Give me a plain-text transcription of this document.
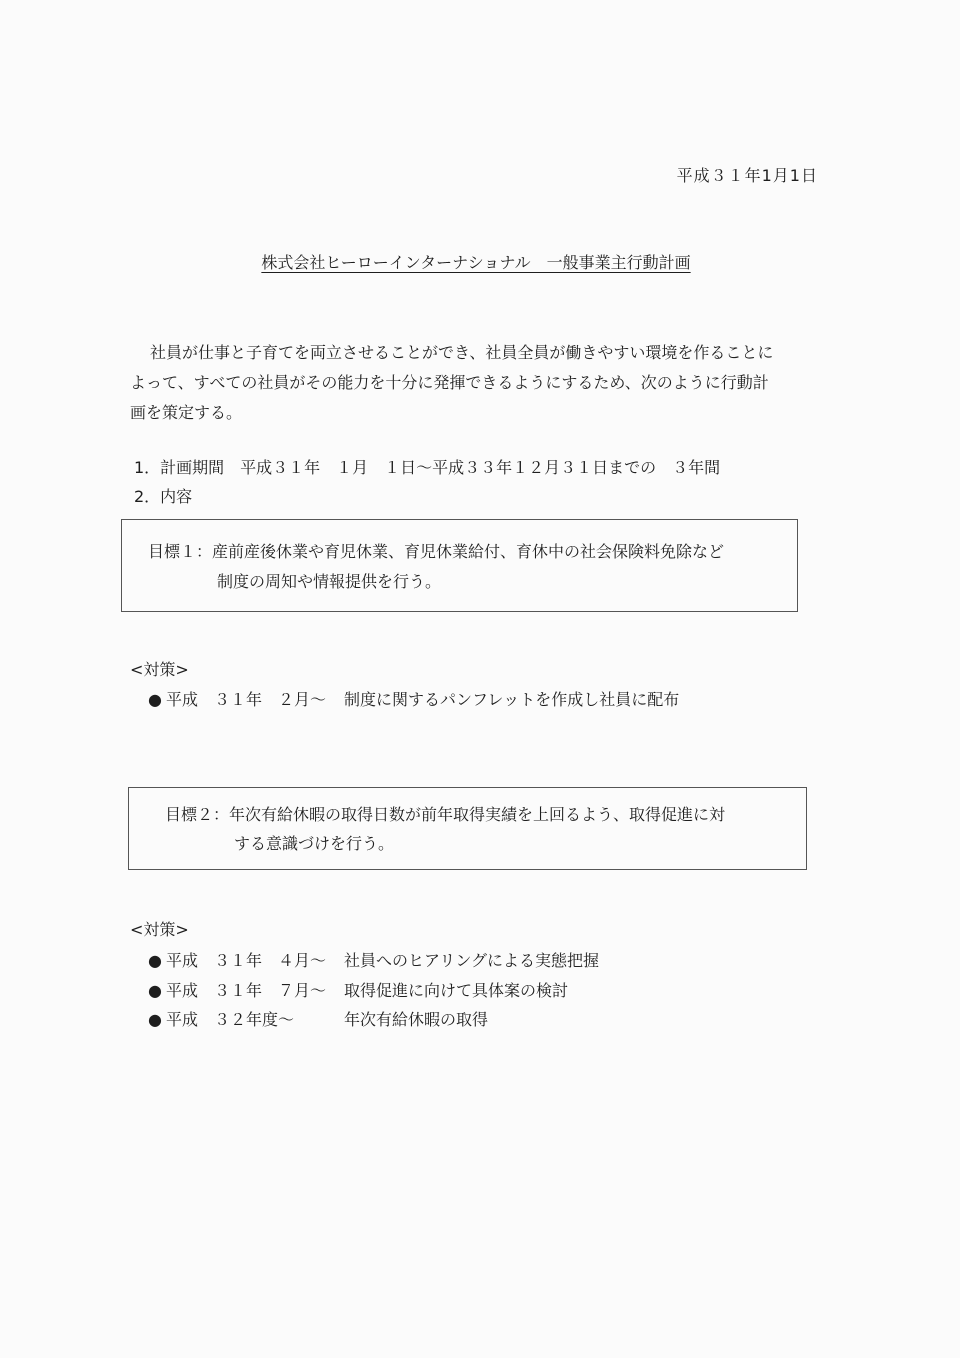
平成３１年1月1日
株式会社ヒーローインターナショナル　一般事業主行動計画
社員が仕事と子育てを両立させることができ、社員全員が働きやすい環境を作ることに
よって、すべての社員がその能力を十分に発揮できるようにするため、次のように行動計
画を策定する。
1．計画期間　平成３１年　１月　１日～平成３３年１２月３１日までの　３年間
2．内容
目標１：産前産後休業や育児休業、育児休業給付、育休中の社会保険料免除など
制度の周知や情報提供を行う。
<対策>
● 平成　３１年　２月～ 制度に関するパンフレットを作成し社員に配布
目標２：年次有給休暇の取得日数が前年取得実績を上回るよう、取得促進に対
する意識づけを行う。
<対策>
● 平成　３１年　４月～ 社員へのヒアリングによる実態把握
● 平成　３１年　７月～ 取得促進に向けて具体案の検討
● 平成　３２年度～	年次有給休暇の取得
